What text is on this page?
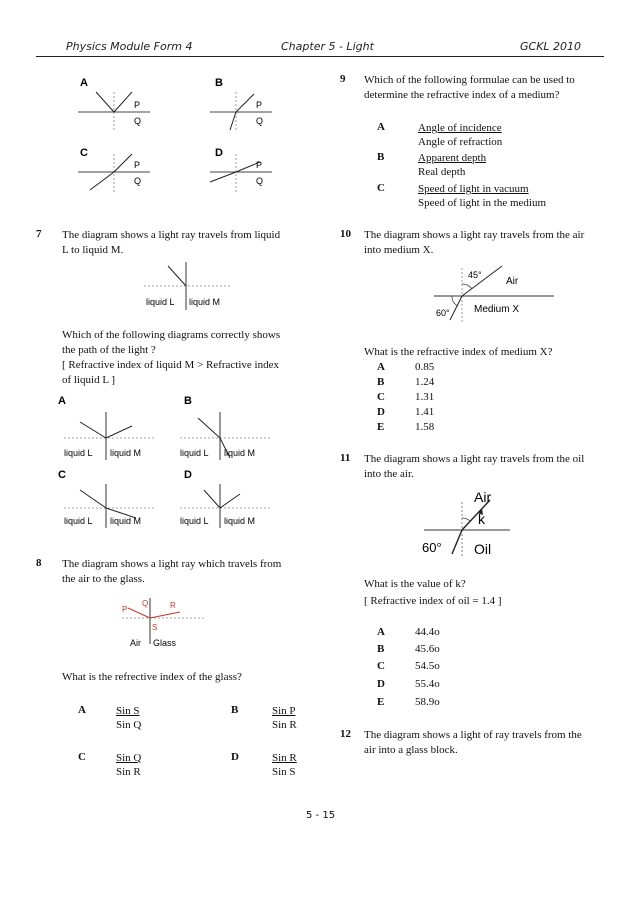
Physics Module Form 4	Chapter 5 - Light	GCKL 2010
A
P
Q
B
P
Q
C
P
Q
D
P
Q
7 The diagram shows a light ray travels from liquid
L to liquid M.
liquid L liquid M
Which of the following diagrams correctly shows
the path of the light ?
[ Refractive index of liquid M > Refractive index
of liquid L ]
A
liquid L liquid M
B
liquid L liquid M
C
liquid L liquid M
D
liquid L liquid M
8 The diagram shows a light ray which travels from
the air to the glass.
P
Q	R
S
Air Glass
What is the refrective index of the glass?
A	Sin S
Sin Q
B	Sin P
Sin R
C	Sin Q
Sin R
D	Sin R
Sin S
9 Which of the following formulae can be used to
determine the refractive index of a medium?
A	Angle of incidence
Angle of refraction
B	Apparent depth
Real depth
C	Speed of light in vacuum
Speed of light in the medium
10 The diagram shows a light ray travels from the air
into medium X.
45°
Air
60° Medium X
What is the refractive index of medium X?
A	0.85
B	1.24
C	1.31
D	1.41
E	1.58
11 The diagram shows a light ray travels from the oil
into the air.
Air
k
60° Oil
What is the value of k?
[ Refractive index of oil = 1.4 ]
A	44.4o
B	45.6o
C	54.5o
D	55.4o
E	58.9o
12 The diagram shows a light of ray travels from the
air into a glass block.
5 - 15
